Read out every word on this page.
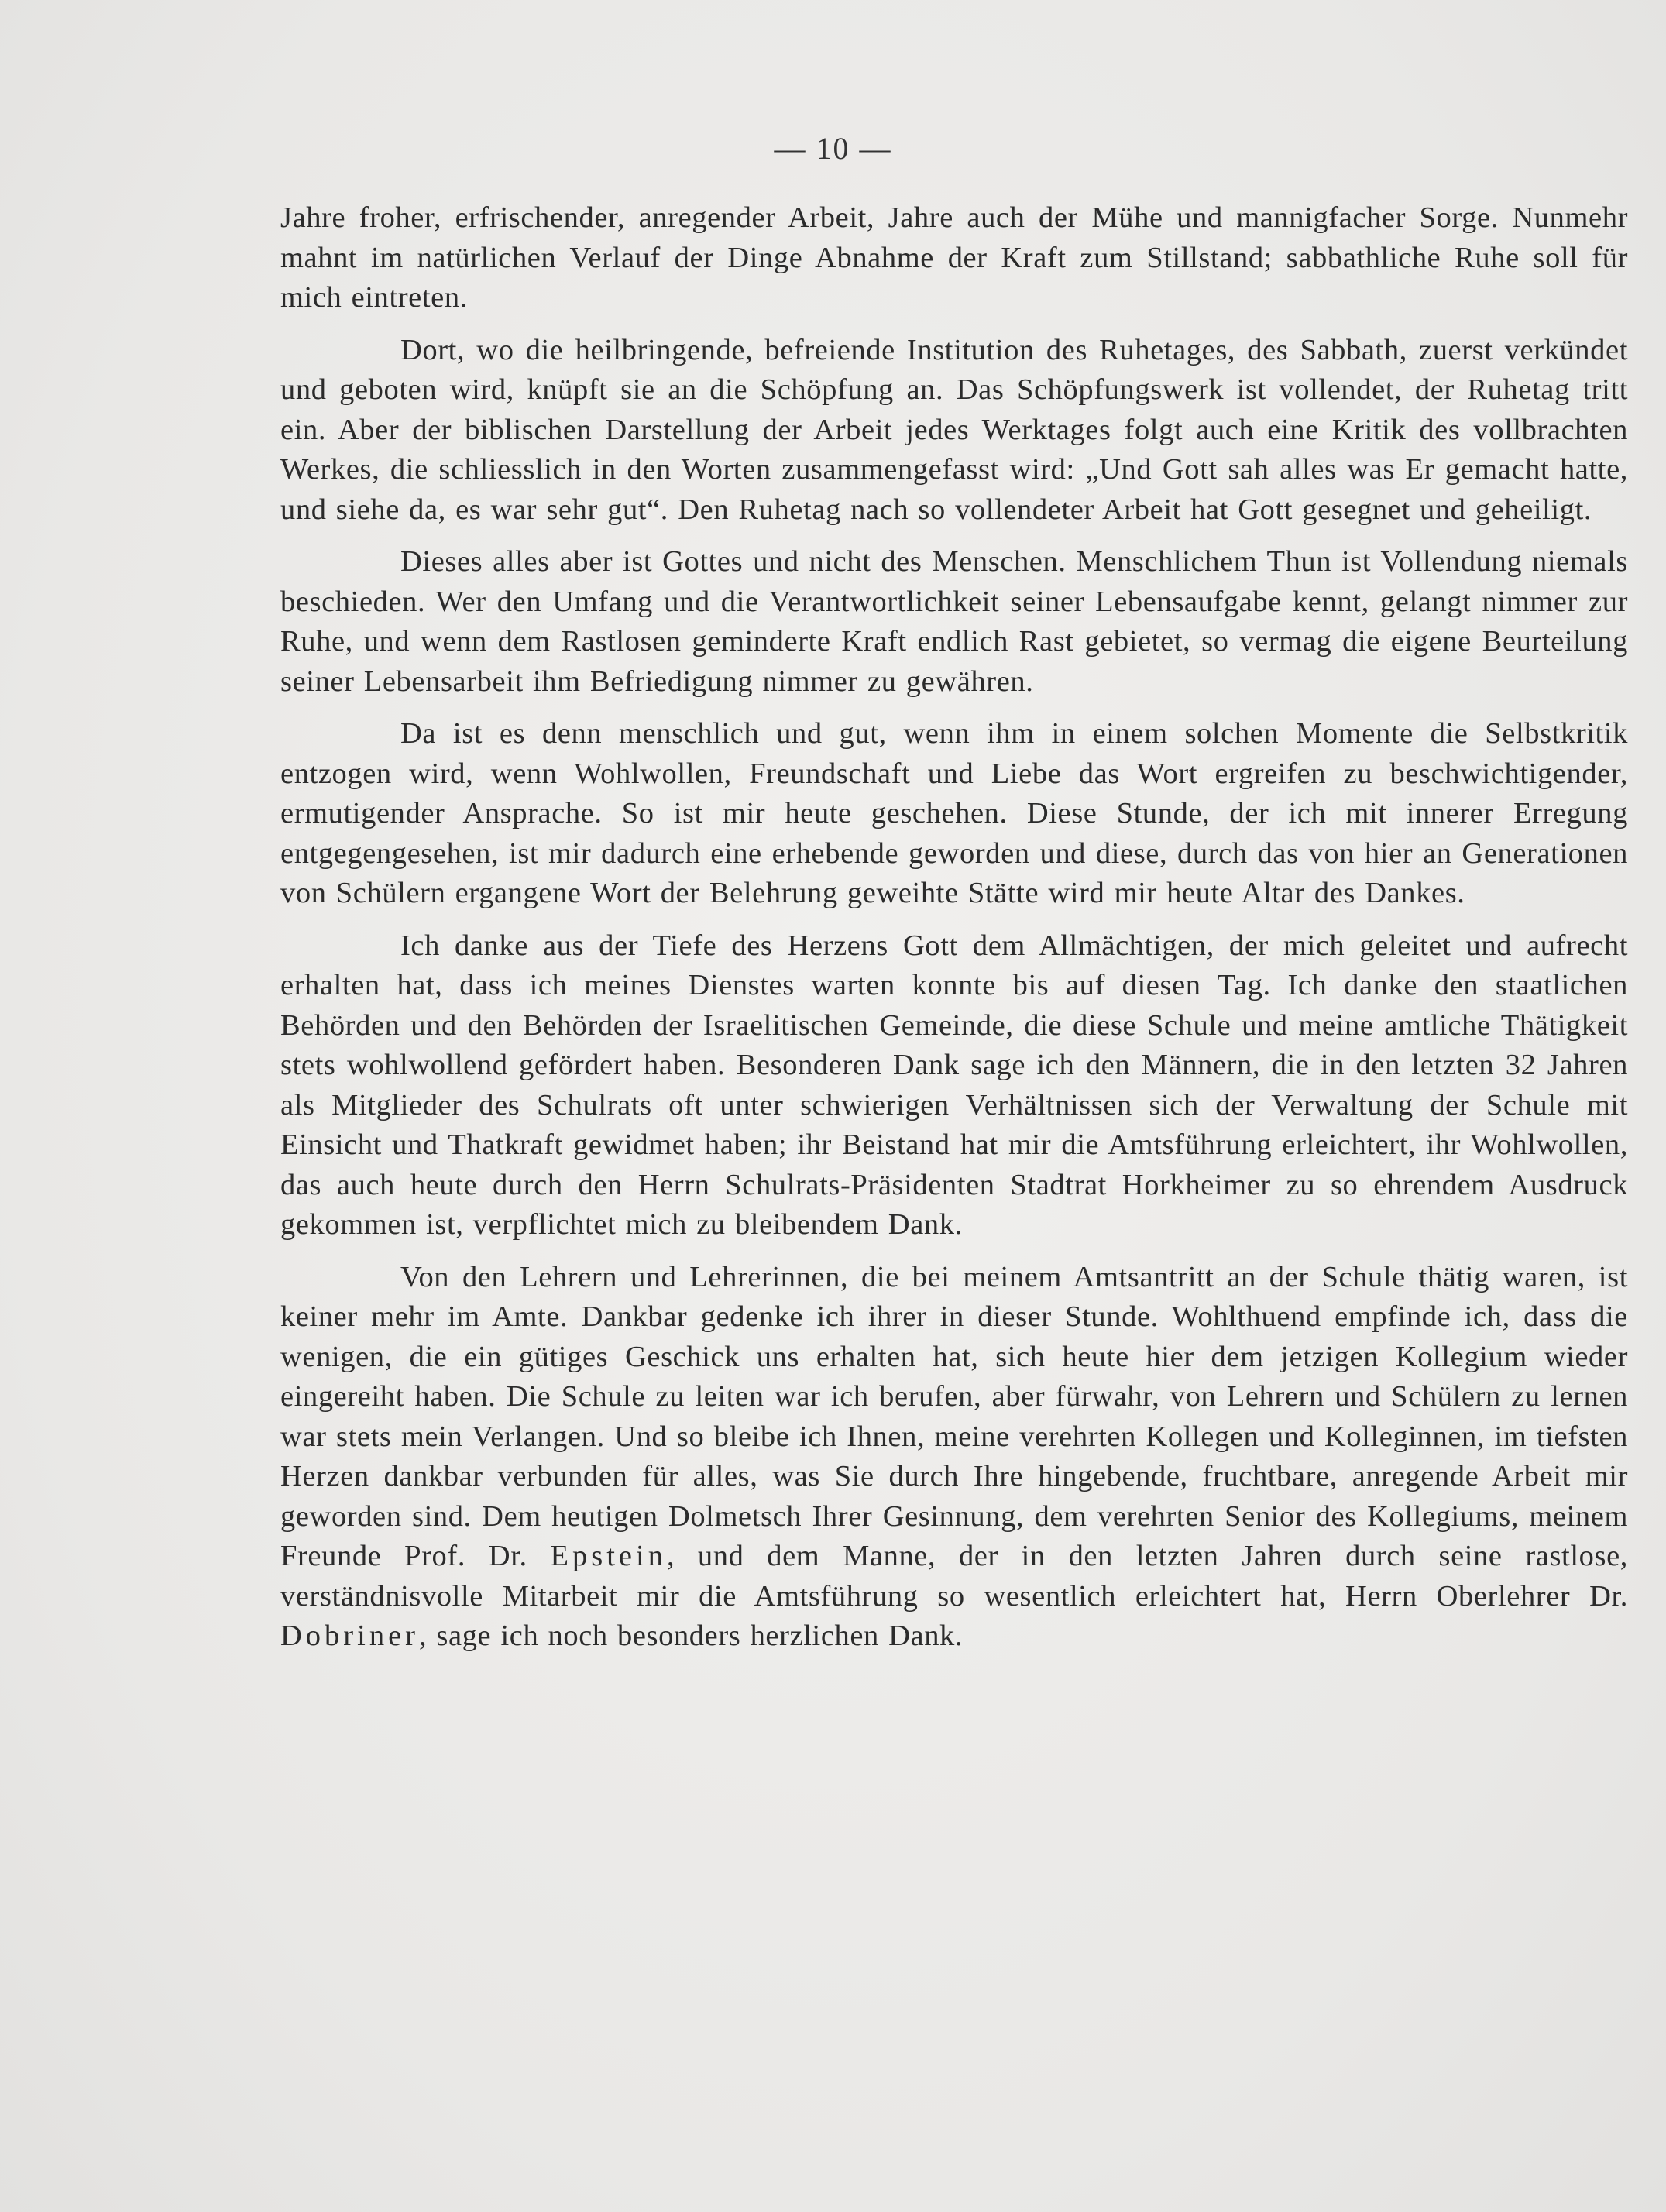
— 10 —

Jahre froher, erfrischender, anregender Arbeit, Jahre auch der Mühe und mannigfacher Sorge. Nunmehr mahnt im natürlichen Verlauf der Dinge Abnahme der Kraft zum Stillstand; sabbathliche Ruhe soll für mich eintreten.

Dort, wo die heilbringende, befreiende Institution des Ruhetages, des Sabbath, zuerst verkündet und geboten wird, knüpft sie an die Schöpfung an. Das Schöpfungswerk ist vollendet, der Ruhetag tritt ein. Aber der biblischen Darstellung der Arbeit jedes Werktages folgt auch eine Kritik des vollbrachten Werkes, die schliesslich in den Worten zusammengefasst wird: „Und Gott sah alles was Er gemacht hatte, und siehe da, es war sehr gut“. Den Ruhetag nach so vollendeter Arbeit hat Gott gesegnet und geheiligt.

Dieses alles aber ist Gottes und nicht des Menschen. Menschlichem Thun ist Vollendung niemals beschieden. Wer den Umfang und die Verantwortlichkeit seiner Lebensaufgabe kennt, gelangt nimmer zur Ruhe, und wenn dem Rastlosen geminderte Kraft endlich Rast gebietet, so vermag die eigene Beurteilung seiner Lebensarbeit ihm Befriedigung nimmer zu gewähren.

Da ist es denn menschlich und gut, wenn ihm in einem solchen Momente die Selbstkritik entzogen wird, wenn Wohlwollen, Freundschaft und Liebe das Wort ergreifen zu beschwichtigender, ermutigender Ansprache. So ist mir heute geschehen. Diese Stunde, der ich mit innerer Erregung entgegengesehen, ist mir dadurch eine erhebende geworden und diese, durch das von hier an Generationen von Schülern ergangene Wort der Belehrung geweihte Stätte wird mir heute Altar des Dankes.

Ich danke aus der Tiefe des Herzens Gott dem Allmächtigen, der mich geleitet und aufrecht erhalten hat, dass ich meines Dienstes warten konnte bis auf diesen Tag. Ich danke den staatlichen Behörden und den Behörden der Israelitischen Gemeinde, die diese Schule und meine amtliche Thätigkeit stets wohlwollend gefördert haben. Besonderen Dank sage ich den Männern, die in den letzten 32 Jahren als Mitglieder des Schulrats oft unter schwierigen Verhältnissen sich der Verwaltung der Schule mit Einsicht und Thatkraft gewidmet haben; ihr Beistand hat mir die Amtsführung erleichtert, ihr Wohlwollen, das auch heute durch den Herrn Schulrats-Präsidenten Stadtrat Horkheimer zu so ehrendem Ausdruck gekommen ist, verpflichtet mich zu bleibendem Dank.

Von den Lehrern und Lehrerinnen, die bei meinem Amtsantritt an der Schule thätig waren, ist keiner mehr im Amte. Dankbar gedenke ich ihrer in dieser Stunde. Wohlthuend empfinde ich, dass die wenigen, die ein gütiges Geschick uns erhalten hat, sich heute hier dem jetzigen Kollegium wieder eingereiht haben. Die Schule zu leiten war ich berufen, aber fürwahr, von Lehrern und Schülern zu lernen war stets mein Verlangen. Und so bleibe ich Ihnen, meine verehrten Kollegen und Kolleginnen, im tiefsten Herzen dankbar verbunden für alles, was Sie durch Ihre hingebende, fruchtbare, anregende Arbeit mir geworden sind. Dem heutigen Dolmetsch Ihrer Gesinnung, dem verehrten Senior des Kollegiums, meinem Freunde Prof. Dr. Epstein, und dem Manne, der in den letzten Jahren durch seine rastlose, verständnisvolle Mitarbeit mir die Amtsführung so wesentlich erleichtert hat, Herrn Oberlehrer Dr. Dobriner, sage ich noch besonders herzlichen Dank.
